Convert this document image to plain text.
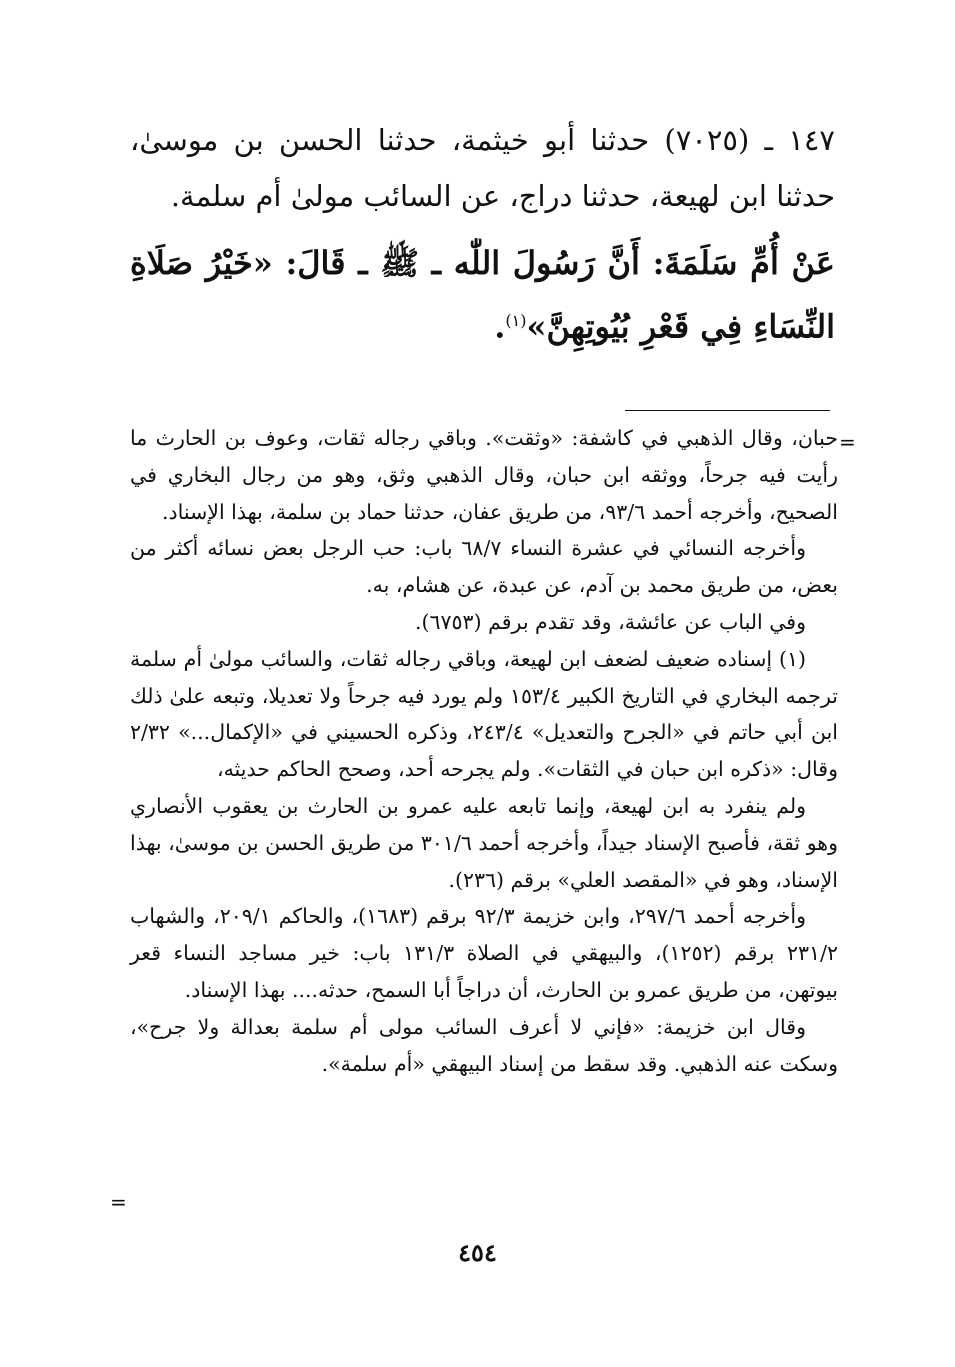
١٤٧ ـ (٧٠٢٥) حدثنا أبو خيثمة، حدثنا الحسن بن موسىٰ، حدثنا ابن لهيعة، حدثنا دراج، عن السائب مولىٰ أم سلمة.

عَنْ أُمِّ سَلَمَةَ: أَنَّ رَسُولَ اللّٰه ـ ﷺ ـ قَالَ: «خَيْرُ صَلَاةِ النِّسَاءِ فِي قَعْرِ بُيُوتِهِنَّ»$^{(١)}$.

=

حبان، وقال الذهبي في كاشفة: «وثقت». وباقي رجاله ثقات، وعوف بن الحارث ما رأيت فيه جرحاً، ووثقه ابن حبان، وقال الذهبي وثق، وهو من رجال البخاري في الصحيح، وأخرجه أحمد ٩٣/٦، من طريق عفان، حدثنا حماد بن سلمة، بهذا الإسناد.

وأخرجه النسائي في عشرة النساء ٦٨/٧ باب: حب الرجل بعض نسائه أكثر من بعض، من طريق محمد بن آدم، عن عبدة، عن هشام، به.

وفي الباب عن عائشة، وقد تقدم برقم (٦٧٥٣).

(١) إسناده ضعيف لضعف ابن لهيعة، وباقي رجاله ثقات، والسائب مولىٰ أم سلمة ترجمه البخاري في التاريخ الكبير ١٥٣/٤ ولم يورد فيه جرحاً ولا تعديلا، وتبعه علىٰ ذلك ابن أبي حاتم في «الجرح والتعديل» ٢٤٣/٤، وذكره الحسيني في «الإكمال...» ٢/٣٢ وقال: «ذكره ابن حبان في الثقات». ولم يجرحه أحد، وصحح الحاكم حديثه،

ولم ينفرد به ابن لهيعة، وإنما تابعه عليه عمرو بن الحارث بن يعقوب الأنصاري وهو ثقة، فأصبح الإسناد جيداً، وأخرجه أحمد ٣٠١/٦ من طريق الحسن بن موسىٰ، بهذا الإسناد، وهو في «المقصد العلي» برقم (٢٣٦).

وأخرجه أحمد ٢٩٧/٦، وابن خزيمة ٩٢/٣ برقم (١٦٨٣)، والحاكم ٢٠٩/١، والشهاب ٢٣١/٢ برقم (١٢٥٢)، والبيهقي في الصلاة ١٣١/٣ باب: خير مساجد النساء قعر بيوتهن، من طريق عمرو بن الحارث، أن دراجاً أبا السمح، حدثه.... بهذا الإسناد.

وقال ابن خزيمة: «فإني لا أعرف السائب مولى أم سلمة بعدالة ولا جرح»، وسكت عنه الذهبي. وقد سقط من إسناد البيهقي «أم سلمة».

=
٤٥٤
